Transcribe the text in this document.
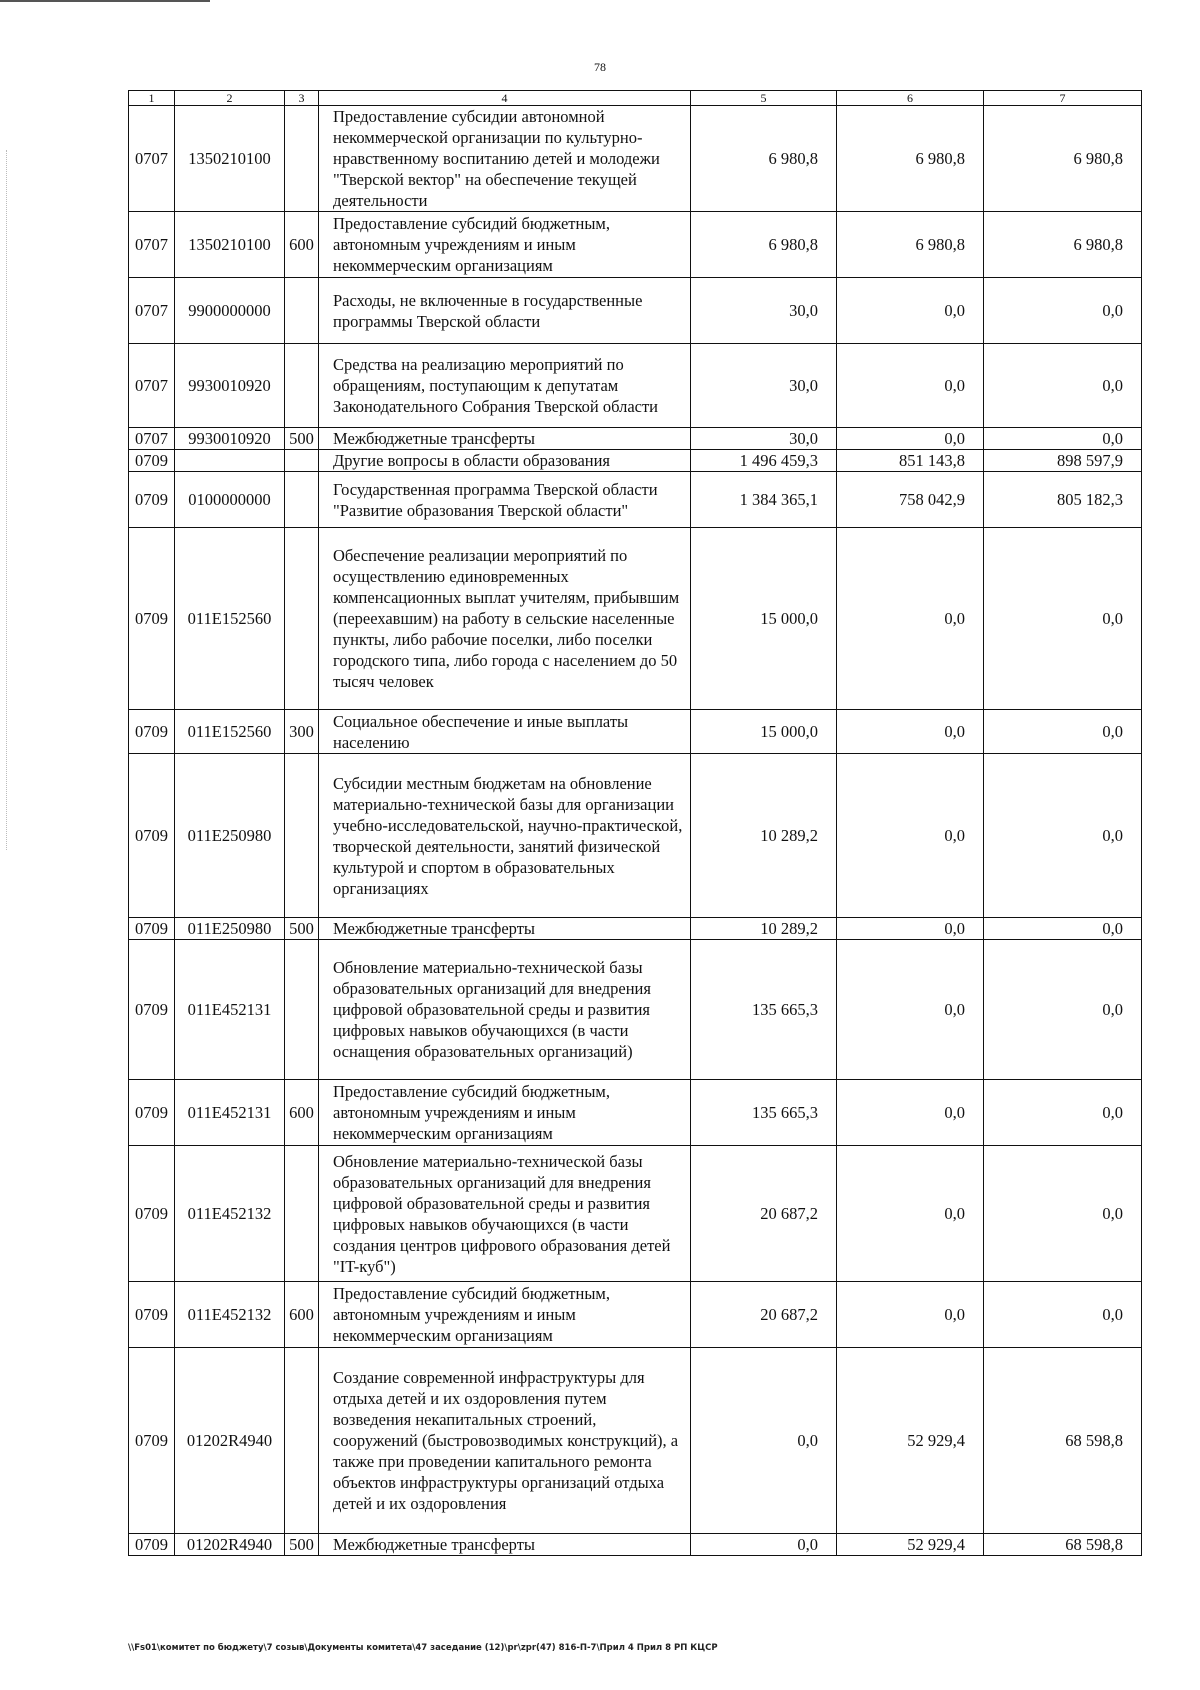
78
1	2	3	4	5	6	7
0707	1350210100		Предоставление субсидии автономной некоммерческой организации по культурно-нравственному воспитанию детей и молодежи "Тверской вектор" на обеспечение текущей деятельности	6 980,8	6 980,8	6 980,8
0707	1350210100	600	Предоставление субсидий бюджетным, автономным учреждениям и иным некоммерческим организациям	6 980,8	6 980,8	6 980,8
0707	9900000000		Расходы, не включенные в государственные программы Тверской области	30,0	0,0	0,0
0707	9930010920		Средства на реализацию мероприятий по обращениям, поступающим к депутатам Законодательного Собрания Тверской области	30,0	0,0	0,0
0707	9930010920	500	Межбюджетные трансферты	30,0	0,0	0,0
0709			Другие вопросы в области образования	1 496 459,3	851 143,8	898 597,9
0709	0100000000		Государственная программа Тверской области "Развитие образования Тверской области"	1 384 365,1	758 042,9	805 182,3
0709	011E152560		Обеспечение реализации мероприятий по осуществлению единовременных компенсационных выплат учителям, прибывшим (переехавшим) на работу в сельские населенные пункты, либо рабочие поселки, либо поселки городского типа, либо города с населением до 50 тысяч человек	15 000,0	0,0	0,0
0709	011E152560	300	Социальное обеспечение и иные выплаты населению	15 000,0	0,0	0,0
0709	011E250980		Субсидии местным бюджетам на обновление материально-технической базы для организации учебно-исследовательской, научно-практической, творческой деятельности, занятий физической культурой и спортом в образовательных организациях	10 289,2	0,0	0,0
0709	011E250980	500	Межбюджетные трансферты	10 289,2	0,0	0,0
0709	011E452131		Обновление материально-технической базы образовательных организаций для внедрения цифровой образовательной среды и развития цифровых навыков обучающихся (в части оснащения образовательных организаций)	135 665,3	0,0	0,0
0709	011E452131	600	Предоставление субсидий бюджетным, автономным учреждениям и иным некоммерческим организациям	135 665,3	0,0	0,0
0709	011E452132		Обновление материально-технической базы образовательных организаций для внедрения цифровой образовательной среды и развития цифровых навыков обучающихся (в части создания центров цифрового образования детей "IT-куб")	20 687,2	0,0	0,0
0709	011E452132	600	Предоставление субсидий бюджетным, автономным учреждениям и иным некоммерческим организациям	20 687,2	0,0	0,0
0709	01202R4940		Создание современной инфраструктуры для отдыха детей и их оздоровления путем возведения некапитальных строений, сооружений (быстровозводимых конструкций), а также при проведении капитального ремонта объектов инфраструктуры организаций отдыха детей и их оздоровления	0,0	52 929,4	68 598,8
0709	01202R4940	500	Межбюджетные трансферты	0,0	52 929,4	68 598,8
\\Fs01\комитет по бюджету\7 созыв\Документы комитета\47 заседание (12)\pr\zpr(47) 816-П-7\Прил 4 Прил 8 РП КЦСР
